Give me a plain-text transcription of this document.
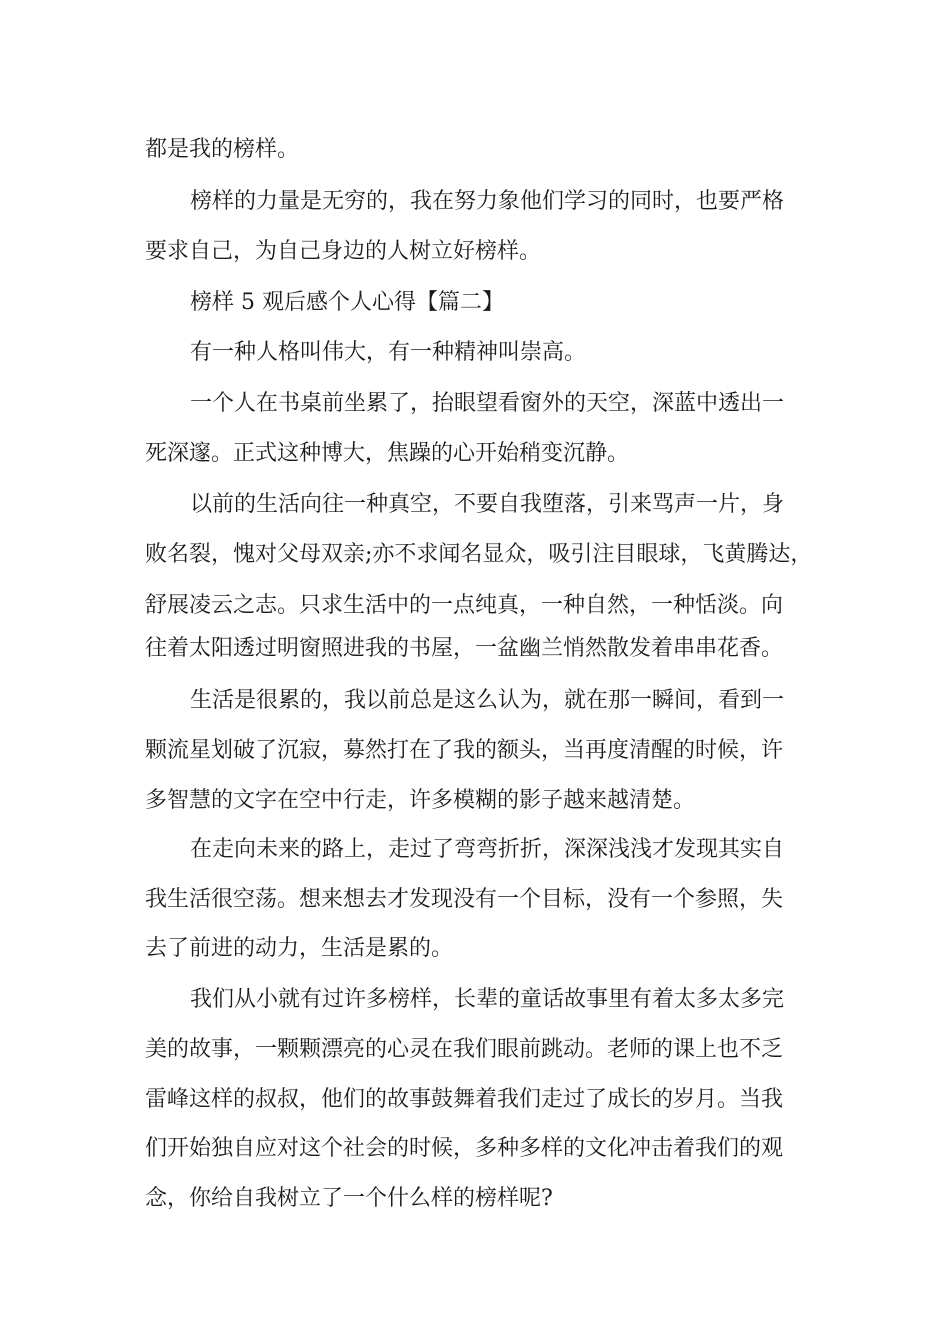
都是我的榜样。
榜样的力量是无穷的，我在努力象他们学习的同时，也要严格
要求自己，为自己身边的人树立好榜样。
榜样 5 观后感个人心得【篇二】
有一种人格叫伟大，有一种精神叫崇高。
一个人在书桌前坐累了，抬眼望看窗外的天空，深蓝中透出一
死深邃。正式这种博大，焦躁的心开始稍变沉静。
以前的生活向往一种真空，不要自我堕落，引来骂声一片，身
败名裂，愧对父母双亲;亦不求闻名显众，吸引注目眼球，飞黄腾达，
舒展凌云之志。只求生活中的一点纯真，一种自然，一种恬淡。向
往着太阳透过明窗照进我的书屋，一盆幽兰悄然散发着串串花香。
生活是很累的，我以前总是这么认为，就在那一瞬间，看到一
颗流星划破了沉寂，募然打在了我的额头，当再度清醒的时候，许
多智慧的文字在空中行走，许多模糊的影子越来越清楚。
在走向未来的路上，走过了弯弯折折，深深浅浅才发现其实自
我生活很空荡。想来想去才发现没有一个目标，没有一个参照，失
去了前进的动力，生活是累的。
我们从小就有过许多榜样，长辈的童话故事里有着太多太多完
美的故事，一颗颗漂亮的心灵在我们眼前跳动。老师的课上也不乏
雷峰这样的叔叔，他们的故事鼓舞着我们走过了成长的岁月。当我
们开始独自应对这个社会的时候，多种多样的文化冲击着我们的观
念，你给自我树立了一个什么样的榜样呢?
